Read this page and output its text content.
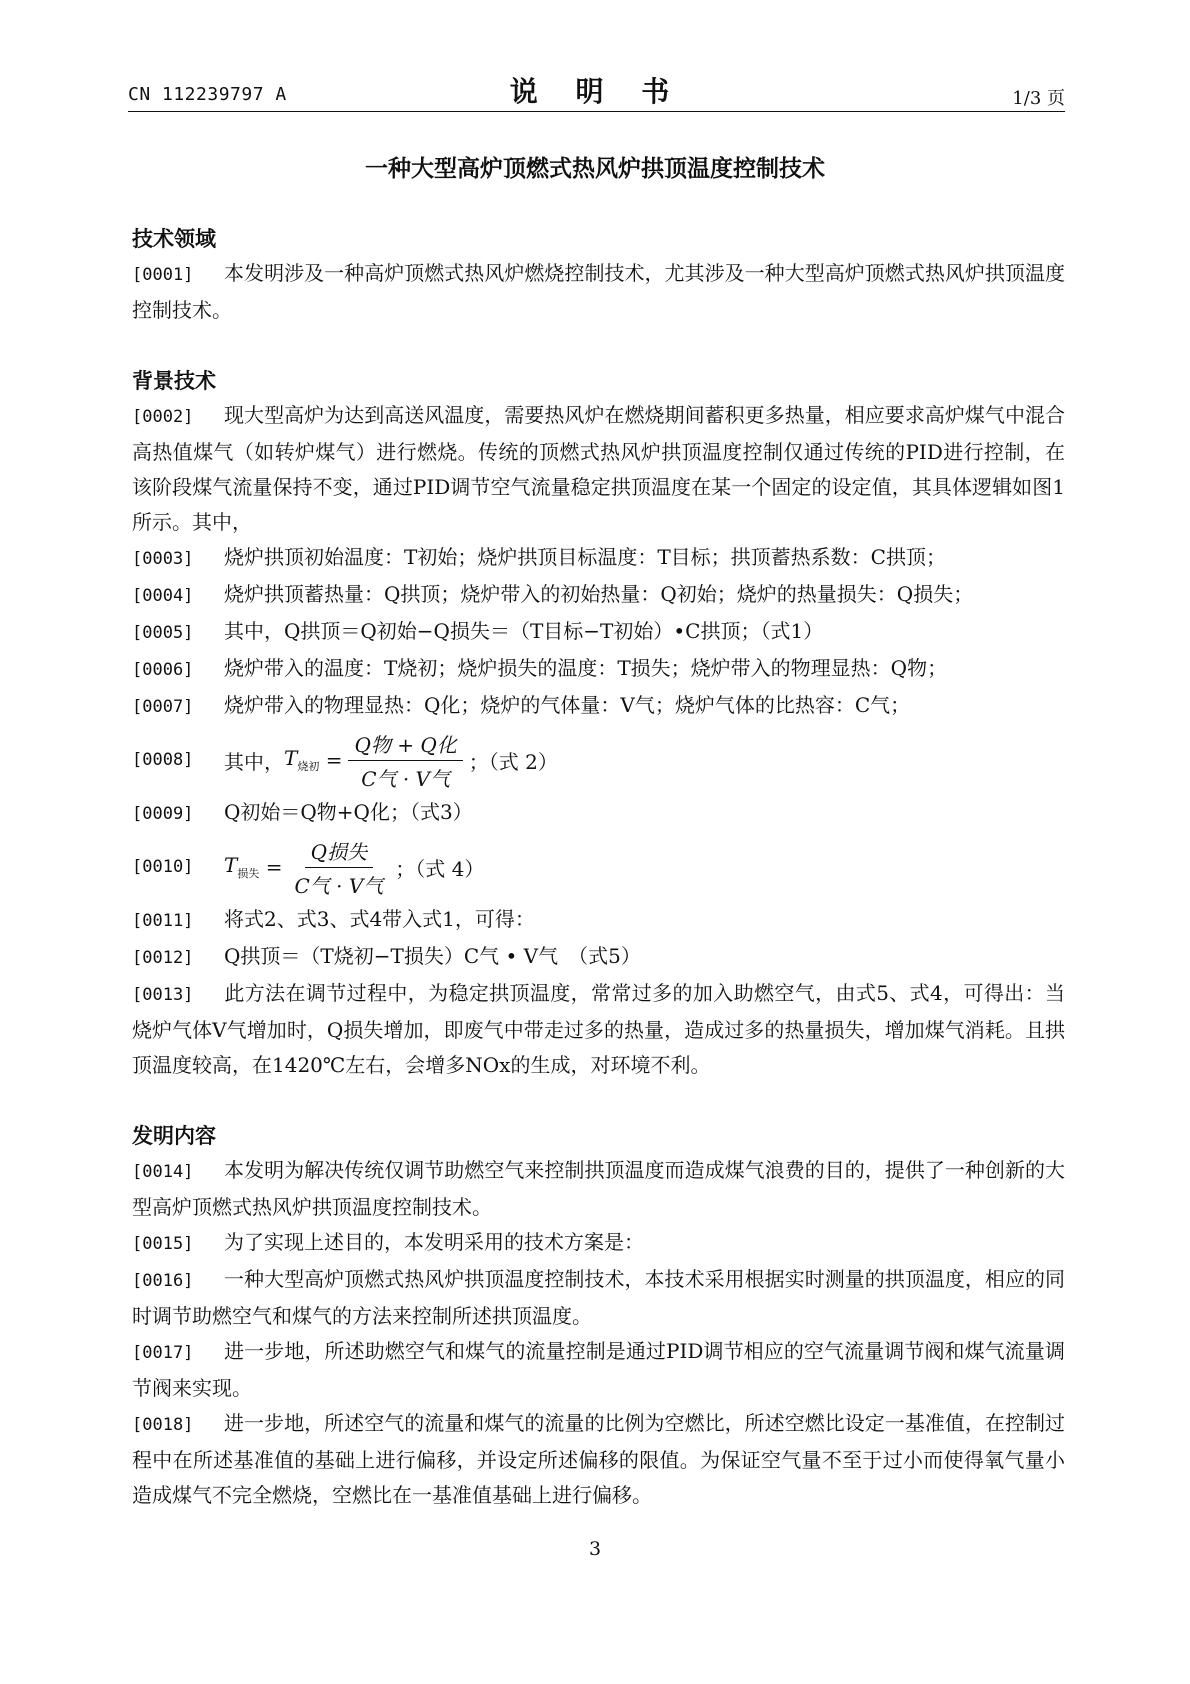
CN 112239797 A	说 明 书	1/3 页
一种大型高炉顶燃式热风炉拱顶温度控制技术
技术领域

[0001] 本发明涉及一种高炉顶燃式热风炉燃烧控制技术，尤其涉及一种大型高炉顶燃式热风炉拱顶温度控制技术。

背景技术

[0002] 现大型高炉为达到高送风温度，需要热风炉在燃烧期间蓄积更多热量，相应要求高炉煤气中混合高热值煤气（如转炉煤气）进行燃烧。传统的顶燃式热风炉拱顶温度控制仅通过传统的PID进行控制，在该阶段煤气流量保持不变，通过PID调节空气流量稳定拱顶温度在某一个固定的设定值，其具体逻辑如图1所示。其中，

[0003] 烧炉拱顶初始温度：T初始；烧炉拱顶目标温度：T目标；拱顶蓄热系数：C拱顶；

[0004] 烧炉拱顶蓄热量：Q拱顶；烧炉带入的初始热量：Q初始；烧炉的热量损失：Q损失；

[0005] 其中，Q拱顶＝Q初始−Q损失＝（T目标−T初始）•C拱顶；（式1）

[0006] 烧炉带入的温度：T烧初；烧炉损失的温度：T损失；烧炉带入的物理显热：Q物；

[0007] 烧炉带入的物理显热：Q化；烧炉的气体量：V气；烧炉气体的比热容：C气；

[0008]	其中， $T_{烧初} = \frac{\text{Q物 + Q化}}{\text{C气 · V气}}$ ；（式 2）

[0009] Q初始＝Q物+Q化；（式3）

[0010]	$T_{损失} = \frac{\text{Q损失}}{\text{C气 · V气}}$ ；（式 4）

[0011] 将式2、式3、式4带入式1，可得：

[0012] Q拱顶＝（T烧初−T损失）C气 • V气　（式5）

[0013] 此方法在调节过程中，为稳定拱顶温度，常常过多的加入助燃空气，由式5、式4，可得出：当烧炉气体V气增加时，Q损失增加，即废气中带走过多的热量，造成过多的热量损失，增加煤气消耗。且拱顶温度较高，在1420℃左右，会增多NOx的生成，对环境不利。

发明内容

[0014] 本发明为解决传统仅调节助燃空气来控制拱顶温度而造成煤气浪费的目的，提供了一种创新的大型高炉顶燃式热风炉拱顶温度控制技术。

[0015] 为了实现上述目的，本发明采用的技术方案是：

[0016] 一种大型高炉顶燃式热风炉拱顶温度控制技术，本技术采用根据实时测量的拱顶温度，相应的同时调节助燃空气和煤气的方法来控制所述拱顶温度。

[0017] 进一步地，所述助燃空气和煤气的流量控制是通过PID调节相应的空气流量调节阀和煤气流量调节阀来实现。

[0018] 进一步地，所述空气的流量和煤气的流量的比例为空燃比，所述空燃比设定一基准值，在控制过程中在所述基准值的基础上进行偏移，并设定所述偏移的限值。为保证空气量不至于过小而使得氧气量小造成煤气不完全燃烧，空燃比在一基准值基础上进行偏移。

3
